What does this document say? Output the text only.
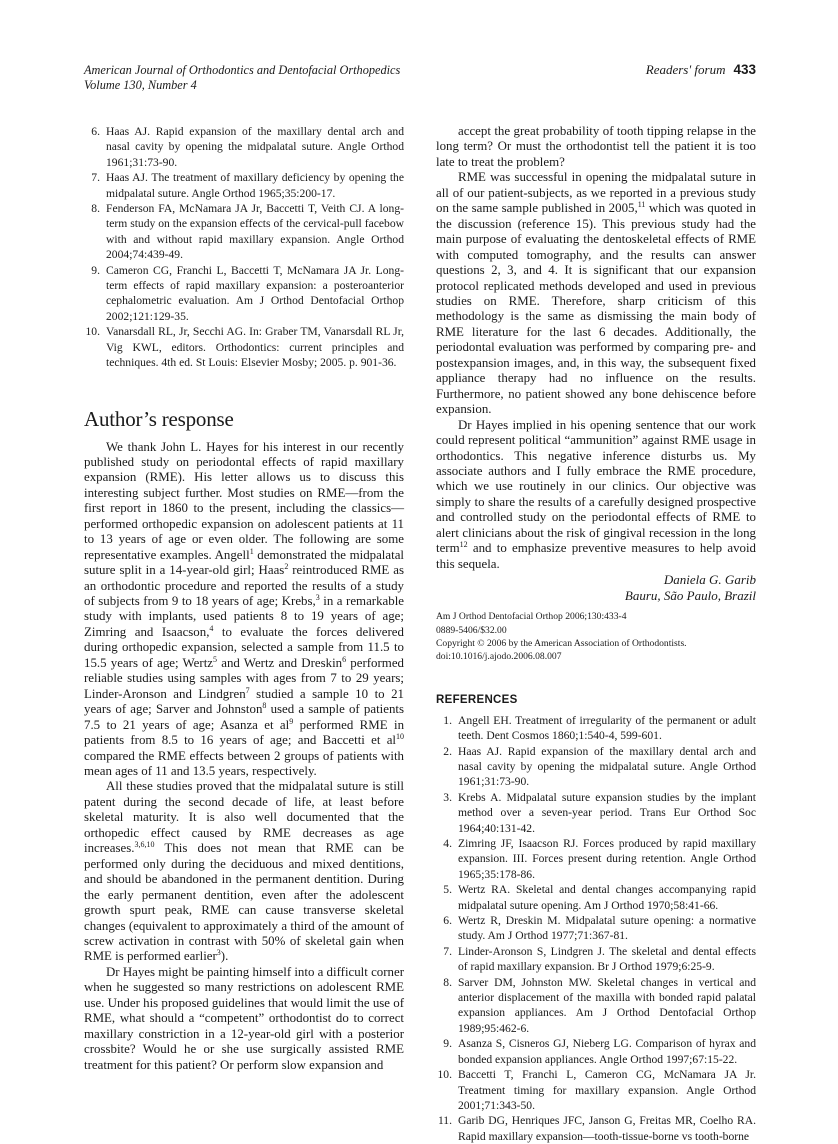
American Journal of Orthodontics and Dentofacial Orthopedics
Volume 130, Number 4
Readers' forum 433
6. Haas AJ. Rapid expansion of the maxillary dental arch and nasal cavity by opening the midpalatal suture. Angle Orthod 1961;31:73-90.
7. Haas AJ. The treatment of maxillary deficiency by opening the midpalatal suture. Angle Orthod 1965;35:200-17.
8. Fenderson FA, McNamara JA Jr, Baccetti T, Veith CJ. A long-term study on the expansion effects of the cervical-pull facebow with and without rapid maxillary expansion. Angle Orthod 2004;74:439-49.
9. Cameron CG, Franchi L, Baccetti T, McNamara JA Jr. Long-term effects of rapid maxillary expansion: a posteroanterior cephalometric evaluation. Am J Orthod Dentofacial Orthop 2002;121:129-35.
10. Vanarsdall RL, Jr, Secchi AG. In: Graber TM, Vanarsdall RL Jr, Vig KWL, editors. Orthodontics: current principles and techniques. 4th ed. St Louis: Elsevier Mosby; 2005. p. 901-36.
Author’s response

We thank John L. Hayes for his interest in our recently published study on periodontal effects of rapid maxillary expansion (RME). His letter allows us to discuss this interesting subject further. Most studies on RME—from the first report in 1860 to the present, including the classics—performed orthopedic expansion on adolescent patients at 11 to 13 years of age or even older. The following are some representative examples. Angell$^1$ demonstrated the midpalatal suture split in a 14-year-old girl; Haas$^2$ reintroduced RME as an orthodontic procedure and reported the results of a study of subjects from 9 to 18 years of age; Krebs,$^3$ in a remarkable study with implants, used patients 8 to 19 years of age; Zimring and Isaacson,$^4$ to evaluate the forces delivered during orthopedic expansion, selected a sample from 11.5 to 15.5 years of age; Wertz$^5$ and Wertz and Dreskin$^6$ performed reliable studies using samples with ages from 7 to 29 years; Linder-Aronson and Lindgren$^7$ studied a sample 10 to 21 years of age; Sarver and Johnston$^8$ used a sample of patients 7.5 to 21 years of age; Asanza et $al^9$ performed RME in patients from 8.5 to 16 years of age; and Baccetti et $al^{10}$ compared the RME effects between 2 groups of patients with mean ages of 11 and 13.5 years, respectively.

All these studies proved that the midpalatal suture is still patent during the second decade of life, at least before skeletal maturity. It is also well documented that the orthopedic effect caused by RME decreases as age increases.$^{3,6,10}$ This does not mean that RME can be performed only during the deciduous and mixed dentitions, and should be abandoned in the permanent dentition. During the early permanent dentition, even after the adolescent growth spurt peak, RME can cause transverse skeletal changes (equivalent to approximately a third of the amount of screw activation in contrast with 50% of skeletal gain when RME is performed earlier$^3$).

Dr Hayes might be painting himself into a difficult corner when he suggested so many restrictions on adolescent RME use. Under his proposed guidelines that would limit the use of RME, what should a “competent” orthodontist do to correct maxillary constriction in a 12-year-old girl with a posterior crossbite? Would he or she use surgically assisted RME treatment for this patient? Or perform slow expansion and

accept the great probability of tooth tipping relapse in the long term? Or must the orthodontist tell the patient it is too late to treat the problem?

RME was successful in opening the midpalatal suture in all of our patient-subjects, as we reported in a previous study on the same sample published in 2005,11 which was quoted in the discussion (reference 15). This previous study had the main purpose of evaluating the dentoskeletal effects of RME with computed tomography, and the results can answer questions 2, 3, and 4. It is significant that our expansion protocol replicated methods developed and used in previous studies on RME. Therefore, sharp criticism of this methodology is the same as dismissing the main body of RME literature for the last 6 decades. Additionally, the periodontal evaluation was performed by comparing pre- and postexpansion images, and, in this way, the subsequent fixed appliance therapy had no influence on the results. Furthermore, no patient showed any bone dehiscence before expansion.

Dr Hayes implied in his opening sentence that our work could represent political “ammunition” against RME usage in orthodontics. This negative inference disturbs us. My associate authors and I fully embrace the RME procedure, which we use routinely in our clinics. Our objective was simply to share the results of a carefully designed prospective and controlled study on the periodontal effects of RME to alert clinicians about the risk of gingival recession in the long term$^{12}$ and to emphasize preventive measures to help avoid this sequela.

Daniela G. Garib
Bauru, São Paulo, Brazil
Am J Orthod Dentofacial Orthop 2006;130:433-4
0889-5406/$32.00
Copyright © 2006 by the American Association of Orthodontists.
doi:10.1016/j.ajodo.2006.08.007
REFERENCES
1. Angell EH. Treatment of irregularity of the permanent or adult teeth. Dent Cosmos 1860;1:540-4, 599-601.
2. Haas AJ. Rapid expansion of the maxillary dental arch and nasal cavity by opening the midpalatal suture. Angle Orthod 1961;31:73-90.
3. Krebs A. Midpalatal suture expansion studies by the implant method over a seven-year period. Trans Eur Orthod Soc 1964;40:131-42.
4. Zimring JF, Isaacson RJ. Forces produced by rapid maxillary expansion. III. Forces present during retention. Angle Orthod 1965;35:178-86.
5. Wertz RA. Skeletal and dental changes accompanying rapid midpalatal suture opening. Am J Orthod 1970;58:41-66.
6. Wertz R, Dreskin M. Midpalatal suture opening: a normative study. Am J Orthod 1977;71:367-81.
7. Linder-Aronson S, Lindgren J. The skeletal and dental effects of rapid maxillary expansion. Br J Orthod 1979;6:25-9.
8. Sarver DM, Johnston MW. Skeletal changes in vertical and anterior displacement of the maxilla with bonded rapid palatal expansion appliances. Am J Orthod Dentofacial Orthop 1989;95:462-6.
9. Asanza S, Cisneros GJ, Nieberg LG. Comparison of hyrax and bonded expansion appliances. Angle Orthod 1997;67:15-22.
10. Baccetti T, Franchi L, Cameron CG, McNamara JA Jr. Treatment timing for maxillary expansion. Angle Orthod 2001;71:343-50.
11. Garib DG, Henriques JFC, Janson G, Freitas MR, Coelho RA. Rapid maxillary expansion—tooth-tissue-borne vs tooth-borne
